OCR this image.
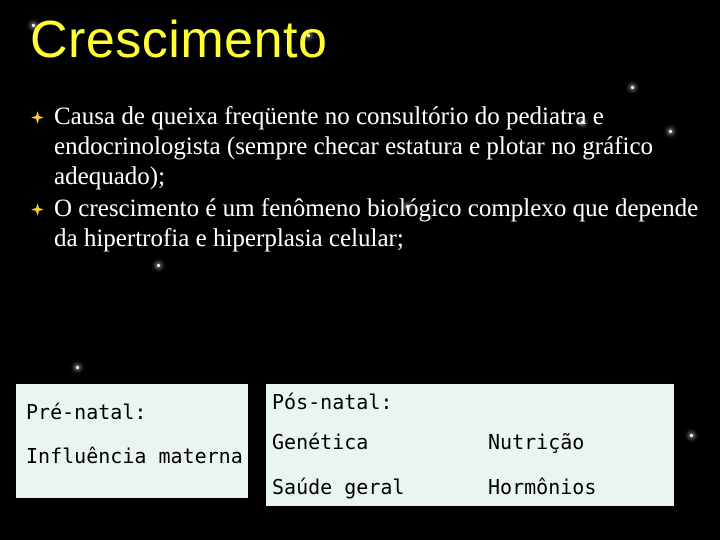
Crescimento
Causa de queixa freqüente no consultório do pediatra e endocrinologista (sempre checar estatura e plotar no gráfico adequado);
O crescimento é um fenômeno biológico complexo que depende da hipertrofia e hiperplasia celular;
Pré-natal:
Influência materna
Pós-natal:
Genética	Nutrição
Saúde geral	Hormônios
